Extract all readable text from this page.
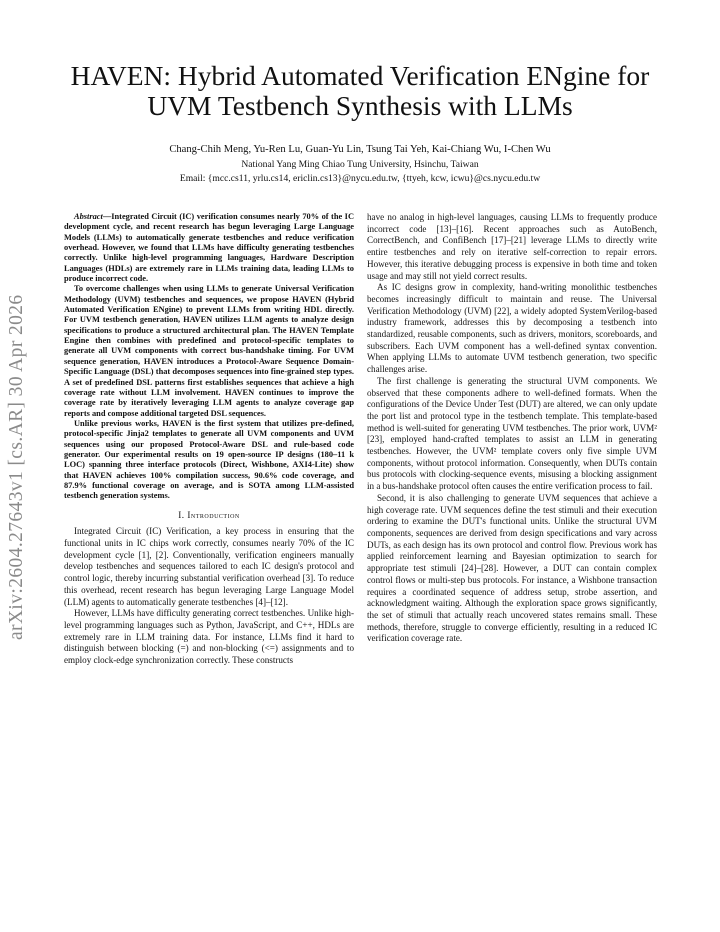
arXiv:2604.27643v1 [cs.AR] 30 Apr 2026
HAVEN: Hybrid Automated Verification ENgine for
UVM Testbench Synthesis with LLMs
Chang-Chih Meng, Yu-Ren Lu, Guan-Yu Lin, Tsung Tai Yeh, Kai-Chiang Wu, I-Chen Wu
National Yang Ming Chiao Tung University, Hsinchu, Taiwan
Email: {mcc.cs11, yrlu.cs14, ericlin.cs13}@nycu.edu.tw, {ttyeh, kcw, icwu}@cs.nycu.edu.tw

Abstract—Integrated Circuit (IC) verification consumes nearly 70% of the IC development cycle, and recent research has begun leveraging Large Language Models (LLMs) to automatically generate testbenches and reduce verification overhead. However, we found that LLMs have difficulty generating testbenches correctly. Unlike high-level programming languages, Hardware Description Languages (HDLs) are extremely rare in LLMs training data, leading LLMs to produce incorrect code.

To overcome challenges when using LLMs to generate Universal Verification Methodology (UVM) testbenches and sequences, we propose HAVEN (Hybrid Automated Verification ENgine) to prevent LLMs from writing HDL directly. For UVM testbench generation, HAVEN utilizes LLM agents to analyze design specifications to produce a structured architectural plan. The HAVEN Template Engine then combines with predefined and protocol-specific templates to generate all UVM components with correct bus-handshake timing. For UVM sequence generation, HAVEN introduces a Protocol-Aware Sequence Domain-Specific Language (DSL) that decomposes sequences into fine-grained step types. A set of predefined DSL patterns first establishes sequences that achieve a high coverage rate without LLM involvement. HAVEN continues to improve the coverage rate by iteratively leveraging LLM agents to analyze coverage gap reports and compose additional targeted DSL sequences.

Unlike previous works, HAVEN is the first system that utilizes pre-defined, protocol-specific Jinja2 templates to generate all UVM components and UVM sequences using our proposed Protocol-Aware DSL and rule-based code generator. Our experimental results on 19 open-source IP designs (180–11 k LOC) spanning three interface protocols (Direct, Wishbone, AXI4-Lite) show that HAVEN achieves 100% compilation success, 90.6% code coverage, and 87.9% functional coverage on average, and is SOTA among LLM-assisted testbench generation systems.

I. Introduction

Integrated Circuit (IC) Verification, a key process in ensuring that the functional units in IC chips work correctly, consumes nearly 70% of the IC development cycle [1], [2]. Conventionally, verification engineers manually develop testbenches and sequences tailored to each IC design's protocol and control logic, thereby incurring substantial verification overhead [3]. To reduce this overhead, recent research has begun leveraging Large Language Model (LLM) agents to automatically generate testbenches [4]–[12].

However, LLMs have difficulty generating correct testbenches. Unlike high-level programming languages such as Python, JavaScript, and C++, HDLs are extremely rare in LLM training data. For instance, LLMs find it hard to distinguish between blocking (=) and non-blocking (<=) assignments and to employ clock-edge synchronization correctly. These constructs

have no analog in high-level languages, causing LLMs to frequently produce incorrect code [13]–[16]. Recent approaches such as AutoBench, CorrectBench, and ConfiBench [17]–[21] leverage LLMs to directly write entire testbenches and rely on iterative self-correction to repair errors. However, this iterative debugging process is expensive in both time and token usage and may still not yield correct results.

As IC designs grow in complexity, hand-writing monolithic testbenches becomes increasingly difficult to maintain and reuse. The Universal Verification Methodology (UVM) [22], a widely adopted SystemVerilog-based industry framework, addresses this by decomposing a testbench into standardized, reusable components, such as drivers, monitors, scoreboards, and subscribers. Each UVM component has a well-defined syntax convention. When applying LLMs to automate UVM testbench generation, two specific challenges arise.

The first challenge is generating the structural UVM components. We observed that these components adhere to well-defined formats. When the configurations of the Device Under Test (DUT) are altered, we can only update the port list and protocol type in the testbench template. This template-based method is well-suited for generating UVM testbenches. The prior work, UVM² [23], employed hand-crafted templates to assist an LLM in generating testbenches. However, the UVM² template covers only five simple UVM components, without protocol information. Consequently, when DUTs contain bus protocols with clocking-sequence events, misusing a blocking assignment in a bus-handshake protocol often causes the entire verification process to fail.

Second, it is also challenging to generate UVM sequences that achieve a high coverage rate. UVM sequences define the test stimuli and their execution ordering to examine the DUT's functional units. Unlike the structural UVM components, sequences are derived from design specifications and vary across DUTs, as each design has its own protocol and control flow. Previous work has applied reinforcement learning and Bayesian optimization to search for appropriate test stimuli [24]–[28]. However, a DUT can contain complex control flows or multi-step bus protocols. For instance, a Wishbone transaction requires a coordinated sequence of address setup, strobe assertion, and acknowledgment waiting. Although the exploration space grows significantly, the set of stimuli that actually reach uncovered states remains small. These methods, therefore, struggle to converge efficiently, resulting in a reduced IC verification coverage rate.
